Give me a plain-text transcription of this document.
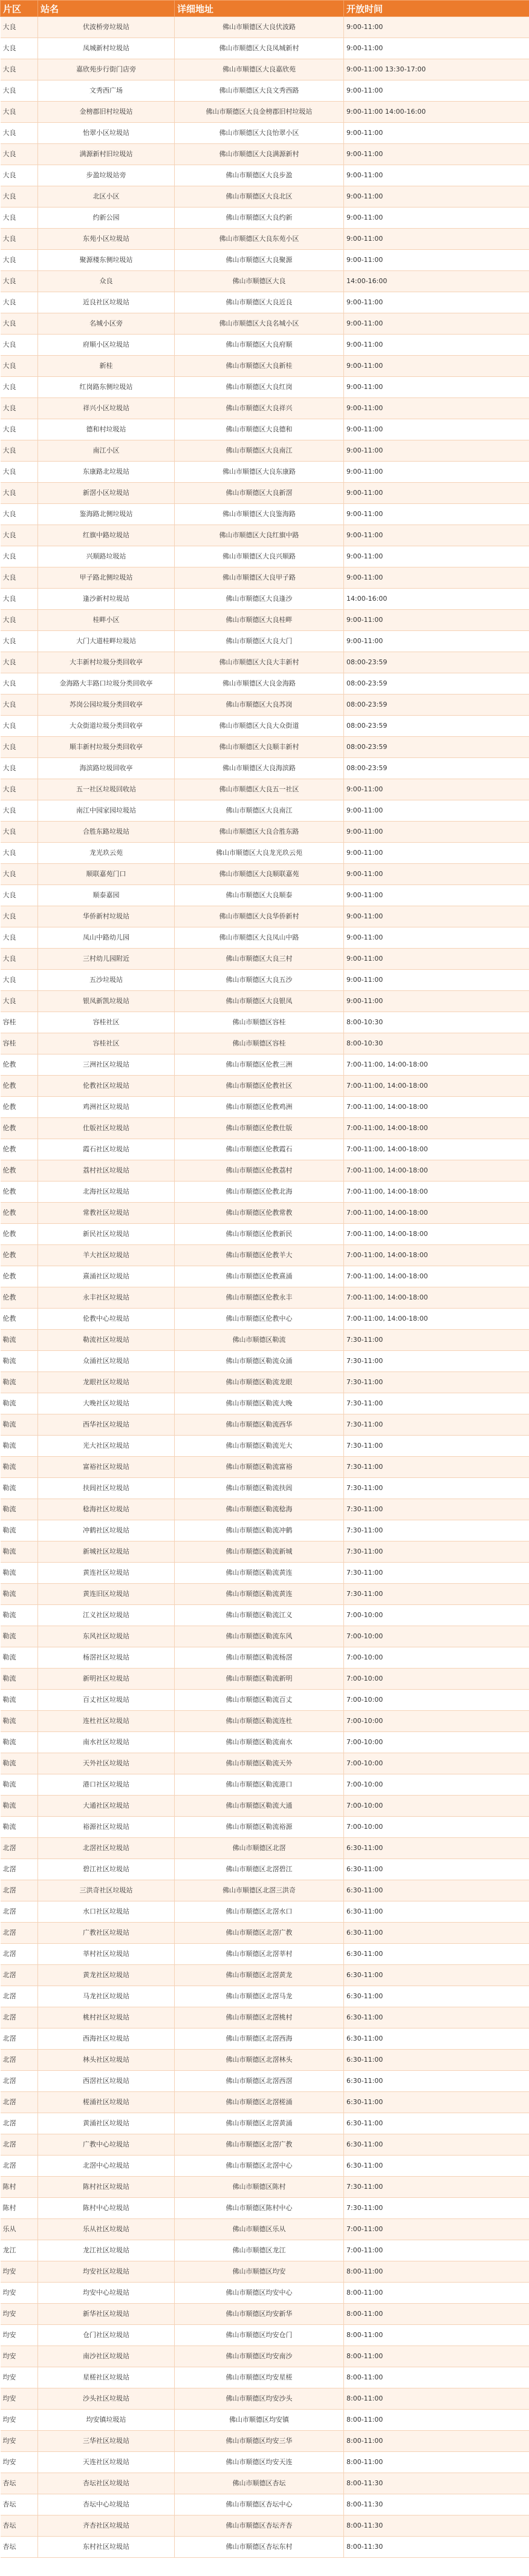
片区	站名	详细地址	开放时间
大良	伏波桥旁垃圾站	佛山市顺德区大良伏波路	9:00-11:00
大良	凤城新村垃圾站	佛山市顺德区大良凤城新村	9:00-11:00
大良	嘉欣苑步行街门店旁	佛山市顺德区大良嘉欣苑	9:00-11:00 13:30-17:00
大良	文秀西广场	佛山市顺德区大良文秀西路	9:00-11:00
大良	金榜郡旧村垃圾站	佛山市顺德区大良金榜郡旧村垃圾站	9:00-11:00 14:00-16:00
大良	怡翠小区垃圾站	佛山市顺德区大良怡翠小区	9:00-11:00
大良	满源新村旧垃圾站	佛山市顺德区大良满源新村	9:00-11:00
大良	步盈垃圾站旁	佛山市顺德区大良步盈	9:00-11:00
大良	北区小区	佛山市顺德区大良北区	9:00-11:00
大良	约新公园	佛山市顺德区大良约新	9:00-11:00
大良	东苑小区垃圾站	佛山市顺德区大良东苑小区	9:00-11:00
大良	聚源楼东侧垃圾站	佛山市顺德区大良聚源	9:00-11:00
大良	众良	佛山市顺德区大良	14:00-16:00
大良	近良社区垃圾站	佛山市顺德区大良近良	9:00-11:00
大良	名城小区旁	佛山市顺德区大良名城小区	9:00-11:00
大良	府顺小区垃圾站	佛山市顺德区大良府顺	9:00-11:00
大良	新桂	佛山市顺德区大良新桂	9:00-11:00
大良	红岗路东侧垃圾站	佛山市顺德区大良红岗	9:00-11:00
大良	祥兴小区垃圾站	佛山市顺德区大良祥兴	9:00-11:00
大良	德和村垃圾站	佛山市顺德区大良德和	9:00-11:00
大良	南江小区	佛山市顺德区大良南江	9:00-11:00
大良	东康路北垃圾站	佛山市顺德区大良东康路	9:00-11:00
大良	新滘小区垃圾站	佛山市顺德区大良新滘	9:00-11:00
大良	鉴海路北侧垃圾站	佛山市顺德区大良鉴海路	9:00-11:00
大良	红旗中路垃圾站	佛山市顺德区大良红旗中路	9:00-11:00
大良	兴顺路垃圾站	佛山市顺德区大良兴顺路	9:00-11:00
大良	甲子路北侧垃圾站	佛山市顺德区大良甲子路	9:00-11:00
大良	逢沙新村垃圾站	佛山市顺德区大良逢沙	14:00-16:00
大良	桂畔小区	佛山市顺德区大良桂畔	9:00-11:00
大良	大门大道桂畔垃圾站	佛山市顺德区大良大门	9:00-11:00
大良	大丰新村垃圾分类回收亭	佛山市顺德区大良大丰新村	08:00-23:59
大良	金海路大丰路口垃圾分类回收亭	佛山市顺德区大良金海路	08:00-23:59
大良	苏岗公园垃圾分类回收亭	佛山市顺德区大良苏岗	08:00-23:59
大良	大众街道垃圾分类回收亭	佛山市顺德区大良大众街道	08:00-23:59
大良	顺丰新村垃圾分类回收亭	佛山市顺德区大良顺丰新村	08:00-23:59
大良	海滨路垃圾回收亭	佛山市顺德区大良海滨路	08:00-23:59
大良	五一社区垃圾回收站	佛山市顺德区大良五一社区	9:00-11:00
大良	南江中园家园垃圾站	佛山市顺德区大良南江	9:00-11:00
大良	合胜东路垃圾站	佛山市顺德区大良合胜东路	9:00-11:00
大良	龙光玖云苑	佛山市顺德区大良龙光玖云苑	9:00-11:00
大良	顺联嘉苑门口	佛山市顺德区大良顺联嘉苑	9:00-11:00
大良	顺泰嘉园	佛山市顺德区大良顺泰	9:00-11:00
大良	华侨新村垃圾站	佛山市顺德区大良华侨新村	9:00-11:00
大良	凤山中路幼儿园	佛山市顺德区大良凤山中路	9:00-11:00
大良	三村幼儿园附近	佛山市顺德区大良三村	9:00-11:00
大良	五沙垃圾站	佛山市顺德区大良五沙	9:00-11:00
大良	银凤新凯垃圾站	佛山市顺德区大良银凤	9:00-11:00
容桂	容桂社区	佛山市顺德区容桂	8:00-10:30
容桂	容桂社区	佛山市顺德区容桂	8:00-10:30
伦教	三洲社区垃圾站	佛山市顺德区伦教三洲	7:00-11:00, 14:00-18:00
伦教	伦教社区垃圾站	佛山市顺德区伦教社区	7:00-11:00, 14:00-18:00
伦教	鸡洲社区垃圾站	佛山市顺德区伦教鸡洲	7:00-11:00, 14:00-18:00
伦教	仕版社区垃圾站	佛山市顺德区伦教仕版	7:00-11:00, 14:00-18:00
伦教	霞石社区垃圾站	佛山市顺德区伦教霞石	7:00-11:00, 14:00-18:00
伦教	荔村社区垃圾站	佛山市顺德区伦教荔村	7:00-11:00, 14:00-18:00
伦教	北海社区垃圾站	佛山市顺德区伦教北海	7:00-11:00, 14:00-18:00
伦教	常教社区垃圾站	佛山市顺德区伦教常教	7:00-11:00, 14:00-18:00
伦教	新民社区垃圾站	佛山市顺德区伦教新民	7:00-11:00, 14:00-18:00
伦教	羊大社区垃圾站	佛山市顺德区伦教羊大	7:00-11:00, 14:00-18:00
伦教	熹涌社区垃圾站	佛山市顺德区伦教熹涌	7:00-11:00, 14:00-18:00
伦教	永丰社区垃圾站	佛山市顺德区伦教永丰	7:00-11:00, 14:00-18:00
伦教	伦教中心垃圾站	佛山市顺德区伦教中心	7:00-11:00, 14:00-18:00
勒流	勒流社区垃圾站	佛山市顺德区勒流	7:30-11:00
勒流	众涌社区垃圾站	佛山市顺德区勒流众涌	7:30-11:00
勒流	龙眼社区垃圾站	佛山市顺德区勒流龙眼	7:30-11:00
勒流	大晚社区垃圾站	佛山市顺德区勒流大晚	7:30-11:00
勒流	西华社区垃圾站	佛山市顺德区勒流西华	7:30-11:00
勒流	光大社区垃圾站	佛山市顺德区勒流光大	7:30-11:00
勒流	富裕社区垃圾站	佛山市顺德区勒流富裕	7:30-11:00
勒流	扶闾社区垃圾站	佛山市顺德区勒流扶闾	7:30-11:00
勒流	稔海社区垃圾站	佛山市顺德区勒流稔海	7:30-11:00
勒流	冲鹤社区垃圾站	佛山市顺德区勒流冲鹤	7:30-11:00
勒流	新城社区垃圾站	佛山市顺德区勒流新城	7:30-11:00
勒流	黄连社区垃圾站	佛山市顺德区勒流黄连	7:30-11:00
勒流	黄连旧区垃圾站	佛山市顺德区勒流黄连	7:30-11:00
勒流	江义社区垃圾站	佛山市顺德区勒流江义	7:00-10:00
勒流	东风社区垃圾站	佛山市顺德区勒流东风	7:00-10:00
勒流	杨滘社区垃圾站	佛山市顺德区勒流杨滘	7:00-10:00
勒流	新明社区垃圾站	佛山市顺德区勒流新明	7:00-10:00
勒流	百丈社区垃圾站	佛山市顺德区勒流百丈	7:00-10:00
勒流	连杜社区垃圾站	佛山市顺德区勒流连杜	7:00-10:00
勒流	南水社区垃圾站	佛山市顺德区勒流南水	7:00-10:00
勒流	天外社区垃圾站	佛山市顺德区勒流天外	7:00-10:00
勒流	港口社区垃圾站	佛山市顺德区勒流港口	7:00-10:00
勒流	大通社区垃圾站	佛山市顺德区勒流大通	7:00-10:00
勒流	裕源社区垃圾站	佛山市顺德区勒流裕源	7:00-10:00
北滘	北滘社区垃圾站	佛山市顺德区北滘	6:30-11:00
北滘	碧江社区垃圾站	佛山市顺德区北滘碧江	6:30-11:00
北滘	三洪奇社区垃圾站	佛山市顺德区北滘三洪奇	6:30-11:00
北滘	水口社区垃圾站	佛山市顺德区北滘水口	6:30-11:00
北滘	广教社区垃圾站	佛山市顺德区北滘广教	6:30-11:00
北滘	莘村社区垃圾站	佛山市顺德区北滘莘村	6:30-11:00
北滘	黄龙社区垃圾站	佛山市顺德区北滘黄龙	6:30-11:00
北滘	马龙社区垃圾站	佛山市顺德区北滘马龙	6:30-11:00
北滘	桃村社区垃圾站	佛山市顺德区北滘桃村	6:30-11:00
北滘	西海社区垃圾站	佛山市顺德区北滘西海	6:30-11:00
北滘	林头社区垃圾站	佛山市顺德区北滘林头	6:30-11:00
北滘	西滘社区垃圾站	佛山市顺德区北滘西滘	6:30-11:00
北滘	槎涌社区垃圾站	佛山市顺德区北滘槎涌	6:30-11:00
北滘	黄涌社区垃圾站	佛山市顺德区北滘黄涌	6:30-11:00
北滘	广教中心垃圾站	佛山市顺德区北滘广教	6:30-11:00
北滘	北滘中心垃圾站	佛山市顺德区北滘中心	6:30-11:00
陈村	陈村社区垃圾站	佛山市顺德区陈村	7:30-11:00
陈村	陈村中心垃圾站	佛山市顺德区陈村中心	7:30-11:00
乐从	乐从社区垃圾站	佛山市顺德区乐从	7:00-11:00
龙江	龙江社区垃圾站	佛山市顺德区龙江	7:00-11:00
均安	均安社区垃圾站	佛山市顺德区均安	8:00-11:00
均安	均安中心垃圾站	佛山市顺德区均安中心	8:00-11:00
均安	新华社区垃圾站	佛山市顺德区均安新华	8:00-11:00
均安	仓门社区垃圾站	佛山市顺德区均安仓门	8:00-11:00
均安	南沙社区垃圾站	佛山市顺德区均安南沙	8:00-11:00
均安	星槎社区垃圾站	佛山市顺德区均安星槎	8:00-11:00
均安	沙头社区垃圾站	佛山市顺德区均安沙头	8:00-11:00
均安	均安镇垃圾站	佛山市顺德区均安镇	8:00-11:00
均安	三华社区垃圾站	佛山市顺德区均安三华	8:00-11:00
均安	天连社区垃圾站	佛山市顺德区均安天连	8:00-11:00
杏坛	杏坛社区垃圾站	佛山市顺德区杏坛	8:00-11:30
杏坛	杏坛中心垃圾站	佛山市顺德区杏坛中心	8:00-11:30
杏坛	齐杏社区垃圾站	佛山市顺德区杏坛齐杏	8:00-11:30
杏坛	东村社区垃圾站	佛山市顺德区杏坛东村	8:00-11:30
